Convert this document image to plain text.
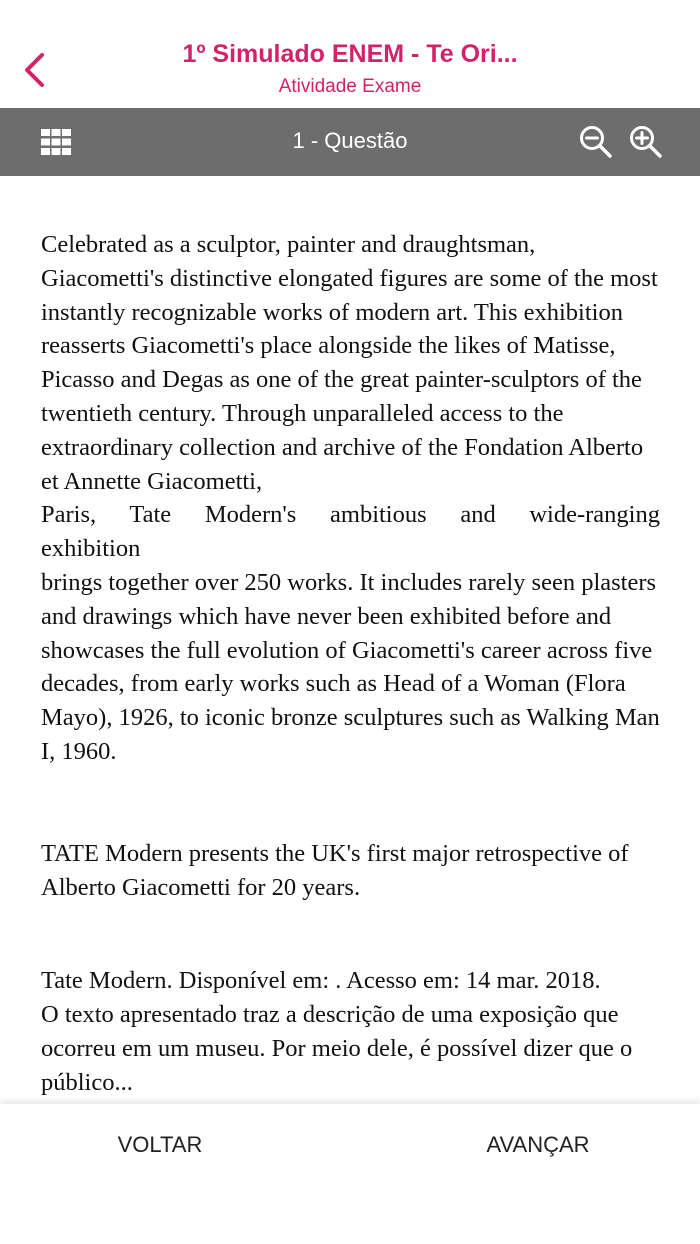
1º Simulado ENEM - Te Ori...
Atividade Exame
1 - Questão

Celebrated as a sculptor, painter and draughtsman, Giacometti's distinctive elongated figures are some of the most instantly recognizable works of modern art. This exhibition reasserts Giacometti's place alongside the likes of Matisse, Picasso and Degas as one of the great painter-sculptors of the twentieth century. Through unparalleled access to the extraordinary collection and archive of the Fondation Alberto et Annette Giacometti,

Paris, Tate Modern's ambitious and wide-ranging

exhibition

brings together over 250 works. It includes rarely seen plasters and drawings which have never been exhibited before and showcases the full evolution of Giacometti's career across five decades, from early works such as Head of a Woman (Flora Mayo), 1926, to iconic bronze sculptures such as Walking Man I, 1960.

TATE Modern presents the UK's first major retrospective of Alberto Giacometti for 20 years.

Tate Modern. Disponível em: . Acesso em: 14 mar. 2018.

O texto apresentado traz a descrição de uma exposição que ocorreu em um museu. Por meio dele, é possível dizer que o público...

VOLTAR	AVANÇAR
